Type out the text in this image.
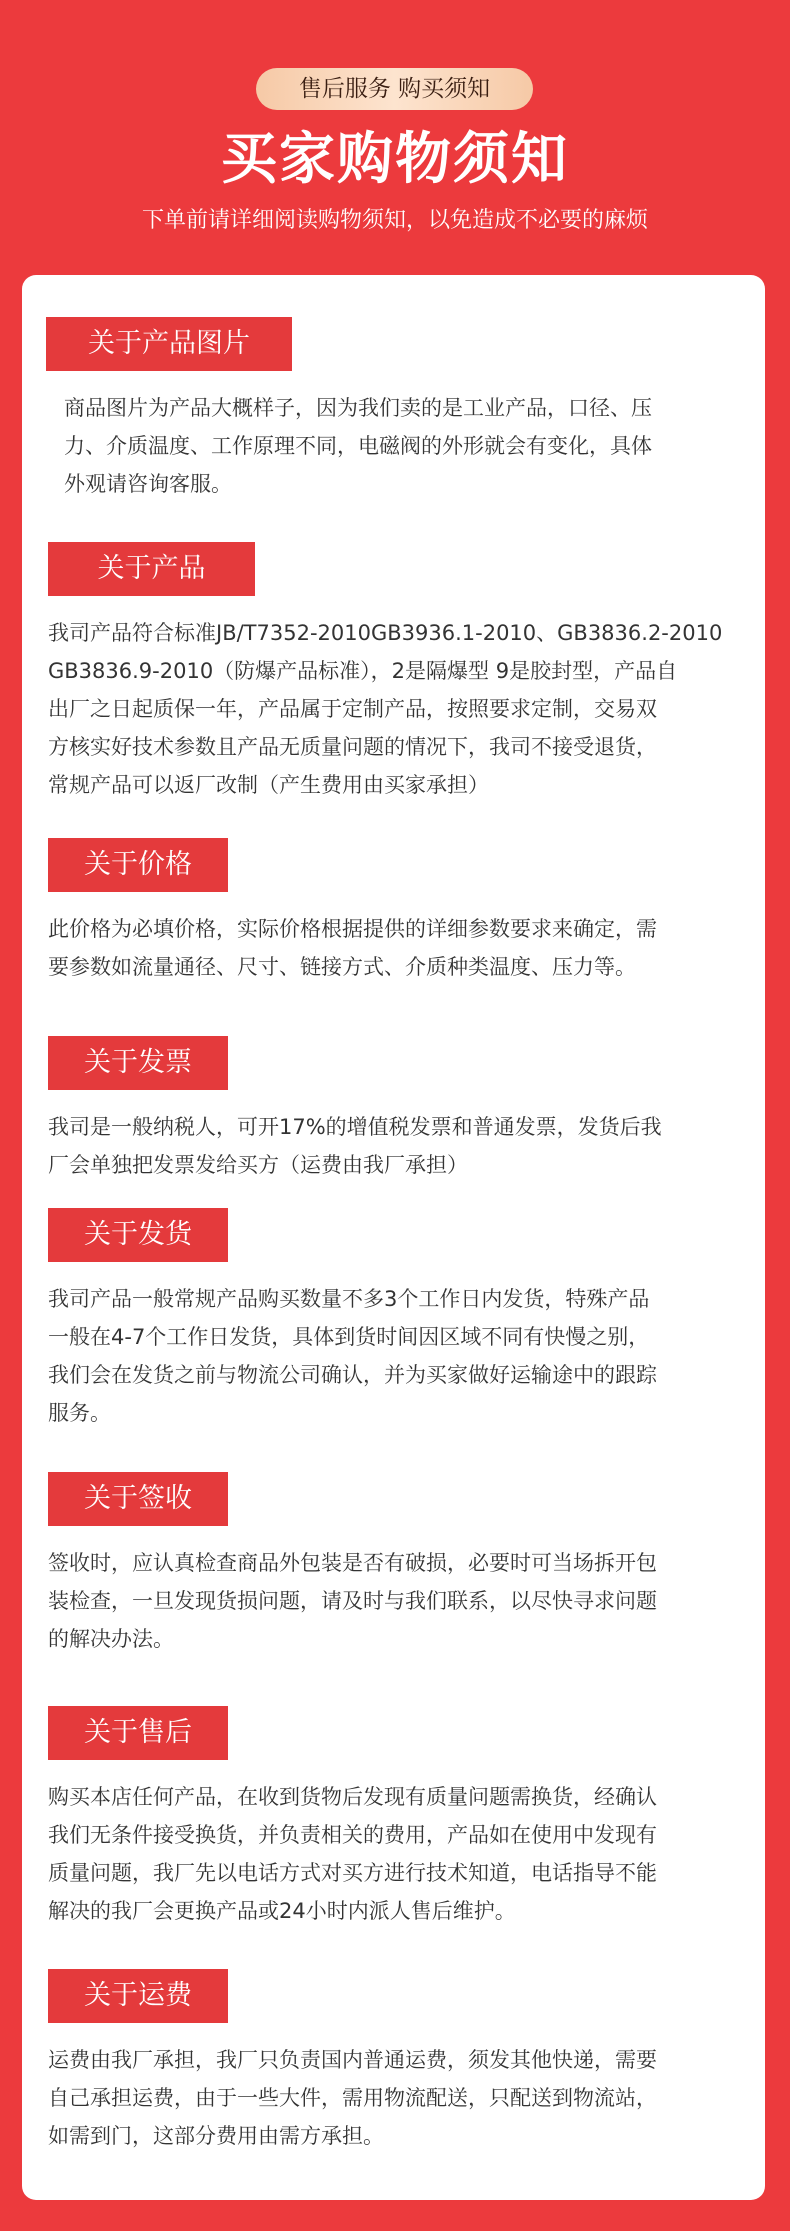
售后服务 购买须知
买家购物须知
下单前请详细阅读购物须知，以免造成不必要的麻烦
关于产品图片
商品图片为产品大概样子，因为我们卖的是工业产品，口径、压
力、介质温度、工作原理不同，电磁阀的外形就会有变化，具体
外观请咨询客服。
关于产品
我司产品符合标准JB/T7352-2010GB3936.1-2010、GB3836.2-2010
GB3836.9-2010（防爆产品标准），2是隔爆型 9是胶封型，产品自
出厂之日起质保一年，产品属于定制产品，按照要求定制，交易双
方核实好技术参数且产品无质量问题的情况下，我司不接受退货，
常规产品可以返厂改制（产生费用由买家承担）
关于价格
此价格为必填价格，实际价格根据提供的详细参数要求来确定，需
要参数如流量通径、尺寸、链接方式、介质种类温度、压力等。
关于发票
我司是一般纳税人，可开17%的增值税发票和普通发票，发货后我
厂会单独把发票发给买方（运费由我厂承担）
关于发货
我司产品一般常规产品购买数量不多3个工作日内发货，特殊产品
一般在4-7个工作日发货，具体到货时间因区域不同有快慢之别，
我们会在发货之前与物流公司确认，并为买家做好运输途中的跟踪
服务。
关于签收
签收时，应认真检查商品外包装是否有破损，必要时可当场拆开包
装检查，一旦发现货损问题，请及时与我们联系，以尽快寻求问题
的解决办法。
关于售后
购买本店任何产品，在收到货物后发现有质量问题需换货，经确认
我们无条件接受换货，并负责相关的费用，产品如在使用中发现有
质量问题，我厂先以电话方式对买方进行技术知道，电话指导不能
解决的我厂会更换产品或24小时内派人售后维护。
关于运费
运费由我厂承担，我厂只负责国内普通运费，须发其他快递，需要
自己承担运费，由于一些大件，需用物流配送，只配送到物流站，
如需到门，这部分费用由需方承担。
